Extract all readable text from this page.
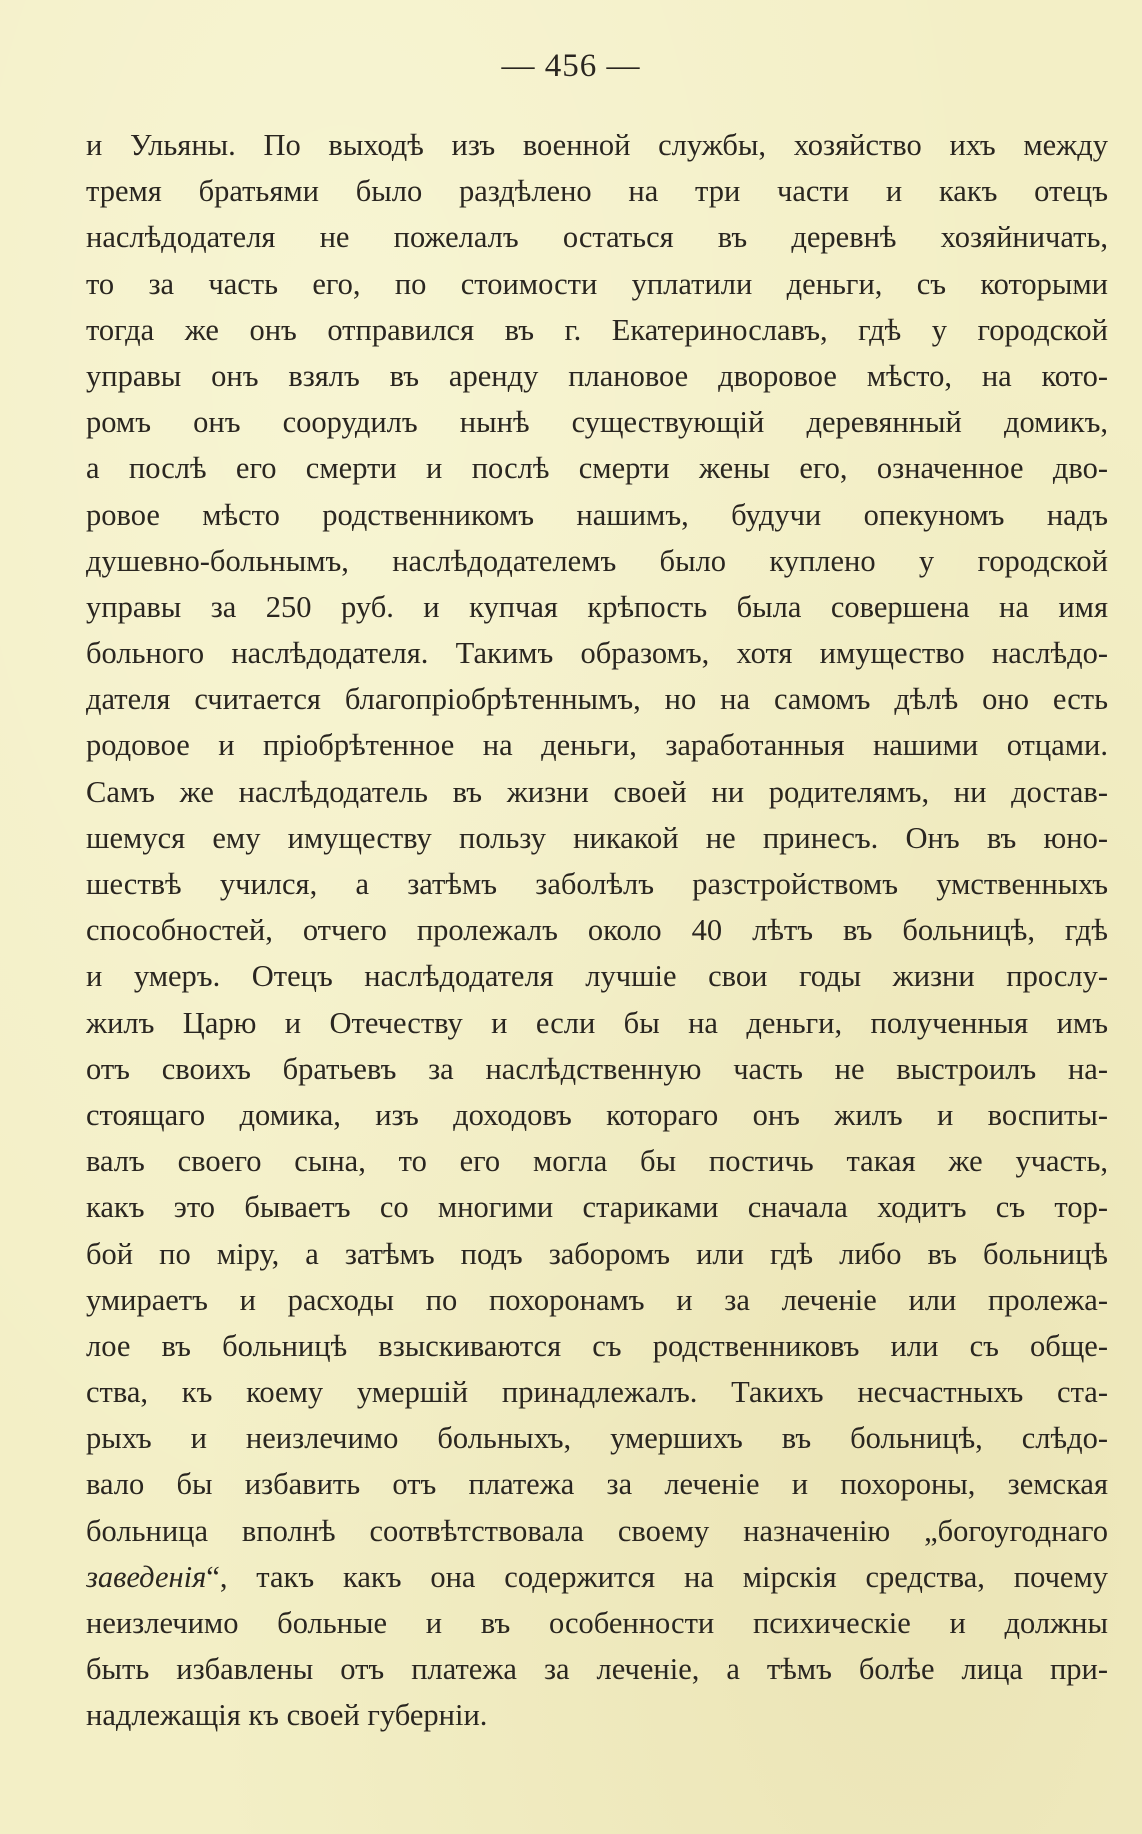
— 456 —
и Ульяны. По выходѣ изъ военной службы, хозяйство ихъ между
тремя братьями было раздѣлено на три части и какъ отецъ
наслѣдодателя не пожелалъ остаться въ деревнѣ хозяйничать,
то за часть его, по стоимости уплатили деньги, съ которыми
тогда же онъ отправился въ г. Екатеринославъ, гдѣ у городской
управы онъ взялъ въ аренду плановое дворовое мѣсто, на кото-
ромъ онъ соорудилъ нынѣ существующій деревянный домикъ,
а послѣ его смерти и послѣ смерти жены его, означенное дво-
ровое мѣсто родственникомъ нашимъ, будучи опекуномъ надъ
душевно-больнымъ, наслѣдодателемъ было куплено у городской
управы за 250 руб. и купчая крѣпость была совершена на имя
больного наслѣдодателя. Такимъ образомъ, хотя имущество наслѣдо-
дателя считается благопріобрѣтеннымъ, но на самомъ дѣлѣ оно есть
родовое и пріобрѣтенное на деньги, заработанныя нашими отцами.
Самъ же наслѣдодатель въ жизни своей ни родителямъ, ни достав-
шемуся ему имуществу пользу никакой не принесъ. Онъ въ юно-
шествѣ учился, а затѣмъ заболѣлъ разстройствомъ умственныхъ
способностей, отчего пролежалъ около 40 лѣтъ въ больницѣ, гдѣ
и умеръ. Отецъ наслѣдодателя лучшіе свои годы жизни прослу-
жилъ Царю и Отечеству и если бы на деньги, полученныя имъ
отъ своихъ братьевъ за наслѣдственную часть не выстроилъ на-
стоящаго домика, изъ доходовъ котораго онъ жилъ и воспиты-
валъ своего сына, то его могла бы постичь такая же участь,
какъ это бываетъ со многими стариками сначала ходитъ съ тор-
бой по міру, а затѣмъ подъ заборомъ или гдѣ либо въ больницѣ
умираетъ и расходы по похоронамъ и за леченіе или пролежа-
лое въ больницѣ взыскиваются съ родственниковъ или съ обще-
ства, къ коему умершій принадлежалъ. Такихъ несчастныхъ ста-
рыхъ и неизлечимо больныхъ, умершихъ въ больницѣ, слѣдо-
вало бы избавить отъ платежа за леченіе и похороны, земская
больница вполнѣ соотвѣтствовала своему назначенію „богоугоднаго
заведенія“, такъ какъ она содержится на мірскія средства, почему
неизлечимо больные и въ особенности психическіе и должны
быть избавлены отъ платежа за леченіе, а тѣмъ болѣе лица при-
надлежащія къ своей губерніи.
